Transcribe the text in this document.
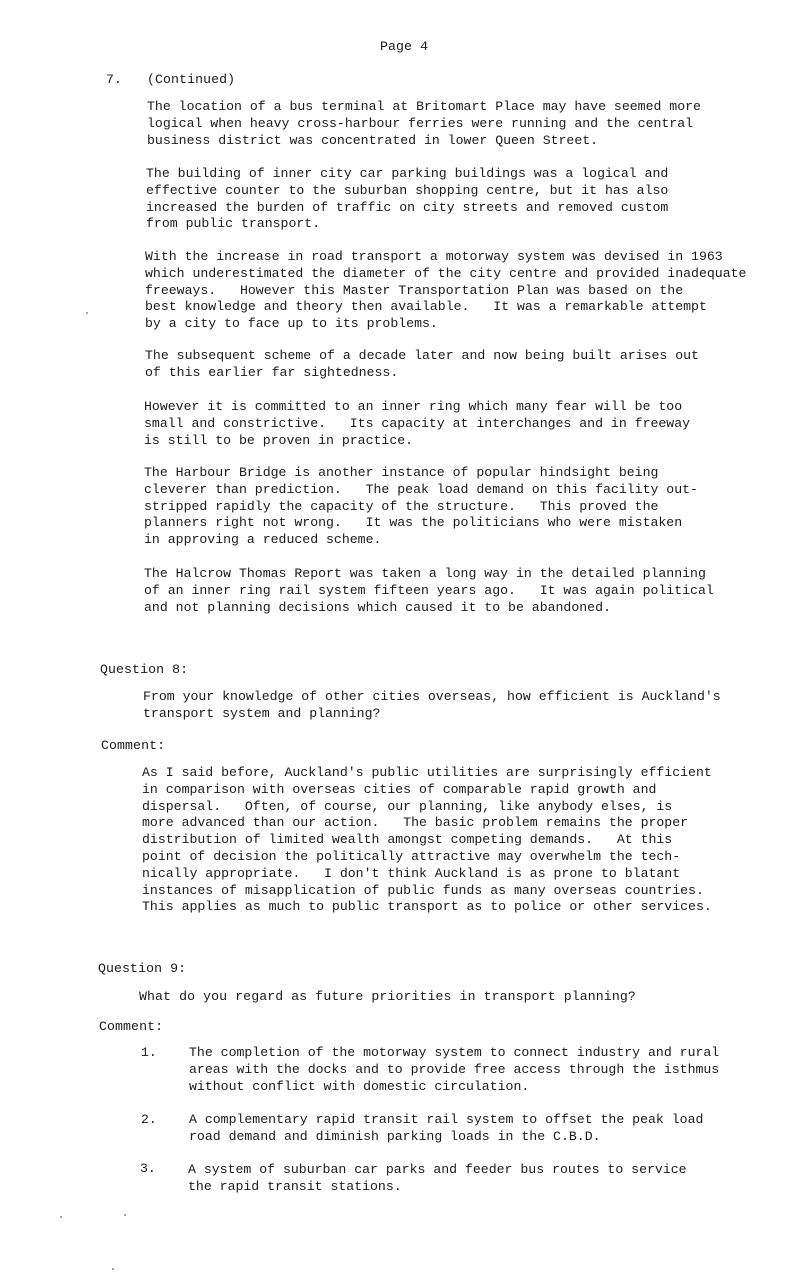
Page 4
7. (Continued)
The location of a bus terminal at Britomart Place may have seemed more
logical when heavy cross-harbour ferries were running and the central
business district was concentrated in lower Queen Street.
The building of inner city car parking buildings was a logical and
effective counter to the suburban shopping centre, but it has also
increased the burden of traffic on city streets and removed custom
from public transport.
With the increase in road transport a motorway system was devised in 1963
which underestimated the diameter of the city centre and provided inadequate
freeways.   However this Master Transportation Plan was based on the
best knowledge and theory then available.   It was a remarkable attempt
by a city to face up to its problems.
The subsequent scheme of a decade later and now being built arises out
of this earlier far sightedness.
However it is committed to an inner ring which many fear will be too
small and constrictive.   Its capacity at interchanges and in freeway
is still to be proven in practice.
The Harbour Bridge is another instance of popular hindsight being
cleverer than prediction.   The peak load demand on this facility out-
stripped rapidly the capacity of the structure.   This proved the
planners right not wrong.   It was the politicians who were mistaken
in approving a reduced scheme.
The Halcrow Thomas Report was taken a long way in the detailed planning
of an inner ring rail system fifteen years ago.   It was again political
and not planning decisions which caused it to be abandoned.
Question 8:
From your knowledge of other cities overseas, how efficient is Auckland's
transport system and planning?
Comment:
As I said before, Auckland's public utilities are surprisingly efficient
in comparison with overseas cities of comparable rapid growth and
dispersal.   Often, of course, our planning, like anybody elses, is
more advanced than our action.   The basic problem remains the proper
distribution of limited wealth amongst competing demands.   At this
point of decision the politically attractive may overwhelm the tech-
nically appropriate.   I don't think Auckland is as prone to blatant
instances of misapplication of public funds as many overseas countries.
This applies as much to public transport as to police or other services.
Question 9:
What do you regard as future priorities in transport planning?
Comment:
1. The completion of the motorway system to connect industry and rural
areas with the docks and to provide free access through the isthmus
without conflict with domestic circulation.
2. A complementary rapid transit rail system to offset the peak load
road demand and diminish parking loads in the C.B.D.
3. A system of suburban car parks and feeder bus routes to service
the rapid transit stations.
